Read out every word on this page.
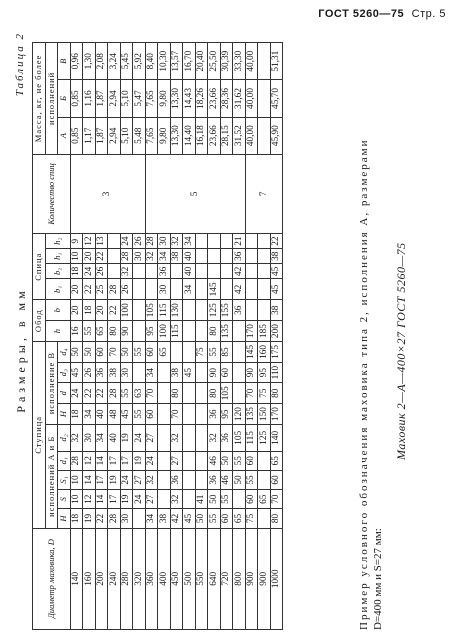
ГОСТ 5260—75 Стр. 5
Таблица 2
Размеры, в мм
Диаметр маховика, D	Ступица									Обод		Спица				Количество спиц	Масса, кг, не более		
	исполнений А и Б					исполнение В				h	b	b₁	b₂	h₁	h₂		исполнений		
	H	S	S₁	d₁	d₂	H	d	d₃	d₄								А	Б	В
140	18	10	10	28	32	18	24	45	50	16	20	20	18	10	9	3	0,85	0,85	0,96
160	19	12	14	12	30	34	22	26	50	55	18	22	24	20	12		1,17	1,16	1,30
200	22	14	17	14	34	40	22	36	60	65	20	25	26	22	13		1,87	1,87	2,08
240	28	17	19	17	40	48	28	38	70	80	22	28					2,94	2,94	3,24
280	30	19	24	17	19	45	55	30	50	90	100	26	32	28	24		5,10	5,10	5,45
320		24	27	19	24	55	63		55					30	26		5,48	5,47	5,92
360	34	27	32	24	27	60	70	34	60	95	105			32	28	5	7,65	7,65	8,40
400	38								65	100	115	30	36	34	30		9,80	9,80	10,30
450	42	32	36	27	32	70	80	38		115	130			38	32		13,30	13,30	13,57
500	45							45				34	40	40	34		14,40	14,43	16,70
550	50	41							75								16,18	18,26	20,40
640	55	50	36	46	32	36	80	90	55	80	125	145					23,66	23,66	25,50
720	60	55	46	50	36	95	105	60	85	135	155						28,15	28,36	30,39
800	65		50	55	105	120					36	42	42	36	21		31,52	31,62	33,30
900	75	60	55	60	115	135	70	90	145	170						7	40,00	40,00	40,00
900		65			125	150	75	95	160	185									
1000	80	70	60	65	140	170	80	110	175	200	38	45	45	38	22		45,90	45,70	51,31
Пример условного обозначения маховика типа 2, исполнения А, размерами D=400 мм и S=27 мм:
Маховик 2—А—400×27 ГОСТ 5260—75
